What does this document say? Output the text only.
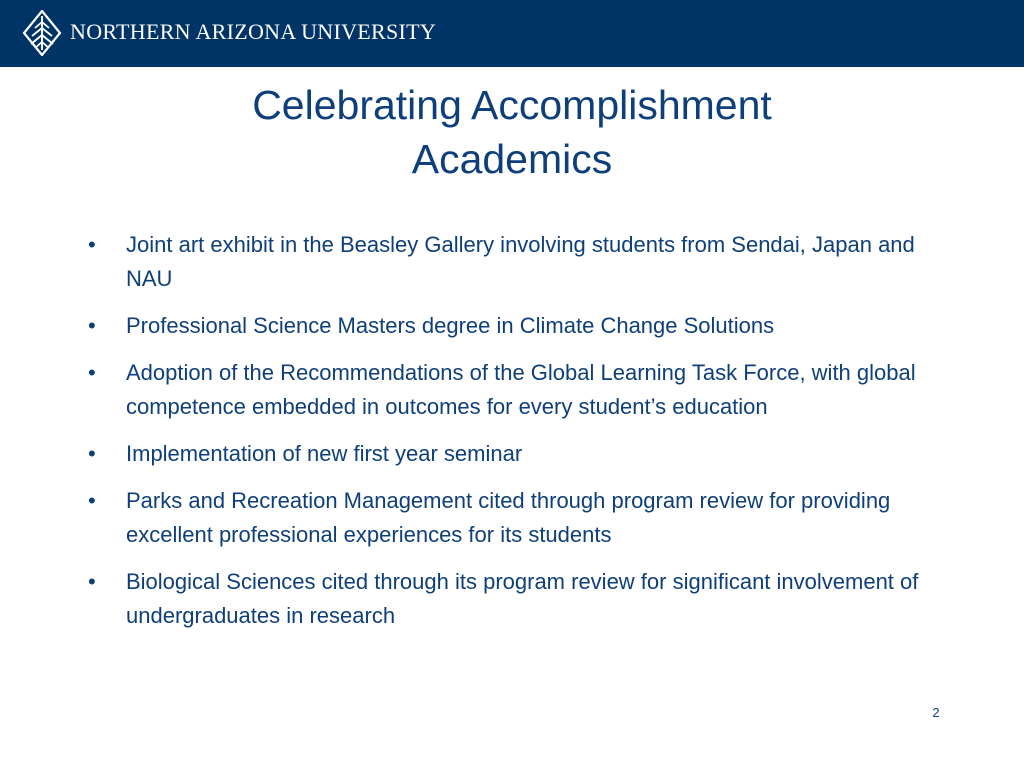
NORTHERN ARIZONA UNIVERSITY
Celebrating Accomplishment
Academics
•	Joint art exhibit in the Beasley Gallery involving students from Sendai, Japan and NAU
•	Professional Science Masters degree in Climate Change Solutions
•	Adoption of the Recommendations of the Global Learning Task Force, with global competence embedded in outcomes for every student’s education
•	Implementation of new first year seminar
•	Parks and Recreation Management cited through program review for providing excellent professional experiences for its students
•	Biological Sciences cited through its program review for significant involvement of undergraduates in research
2
